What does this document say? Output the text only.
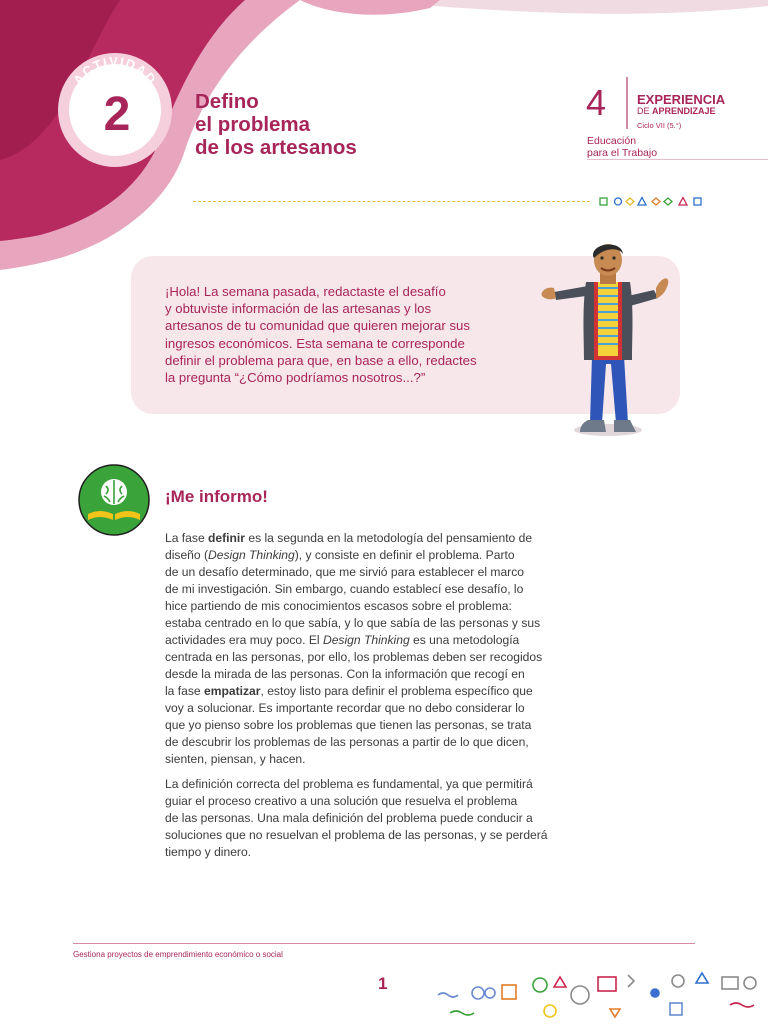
ACTIVIDAD
2	Defino
el problema
de los artesanos
4	EXPERIENCIA
DE APRENDIZAJE
Ciclo VII (5.°)
Educación
para el Trabajo
¡Hola! La semana pasada, redactaste el desafío
y obtuviste información de las artesanas y los
artesanos de tu comunidad que quieren mejorar sus
ingresos económicos. Esta semana te corresponde
definir el problema para que, en base a ello, redactes
la pregunta “¿Cómo podríamos nosotros...?”
¡Me informo!
La fase definir es la segunda en la metodología del pensamiento de
diseño (Design Thinking), y consiste en definir el problema. Parto
de un desafío determinado, que me sirvió para establecer el marco
de mi investigación. Sin embargo, cuando establecí ese desafío, lo
hice partiendo de mis conocimientos escasos sobre el problema:
estaba centrado en lo que sabía, y lo que sabía de las personas y sus
actividades era muy poco. El Design Thinking es una metodología
centrada en las personas, por ello, los problemas deben ser recogidos
desde la mirada de las personas. Con la información que recogí en
la fase empatizar, estoy listo para definir el problema específico que
voy a solucionar. Es importante recordar que no debo considerar lo
que yo pienso sobre los problemas que tienen las personas, se trata
de descubrir los problemas de las personas a partir de lo que dicen,
sienten, piensan, y hacen.
La definición correcta del problema es fundamental, ya que permitirá
guiar el proceso creativo a una solución que resuelva el problema
de las personas. Una mala definición del problema puede conducir a
soluciones que no resuelvan el problema de las personas, y se perderá
tiempo y dinero.
Gestiona proyectos de emprendimiento económico o social
1
